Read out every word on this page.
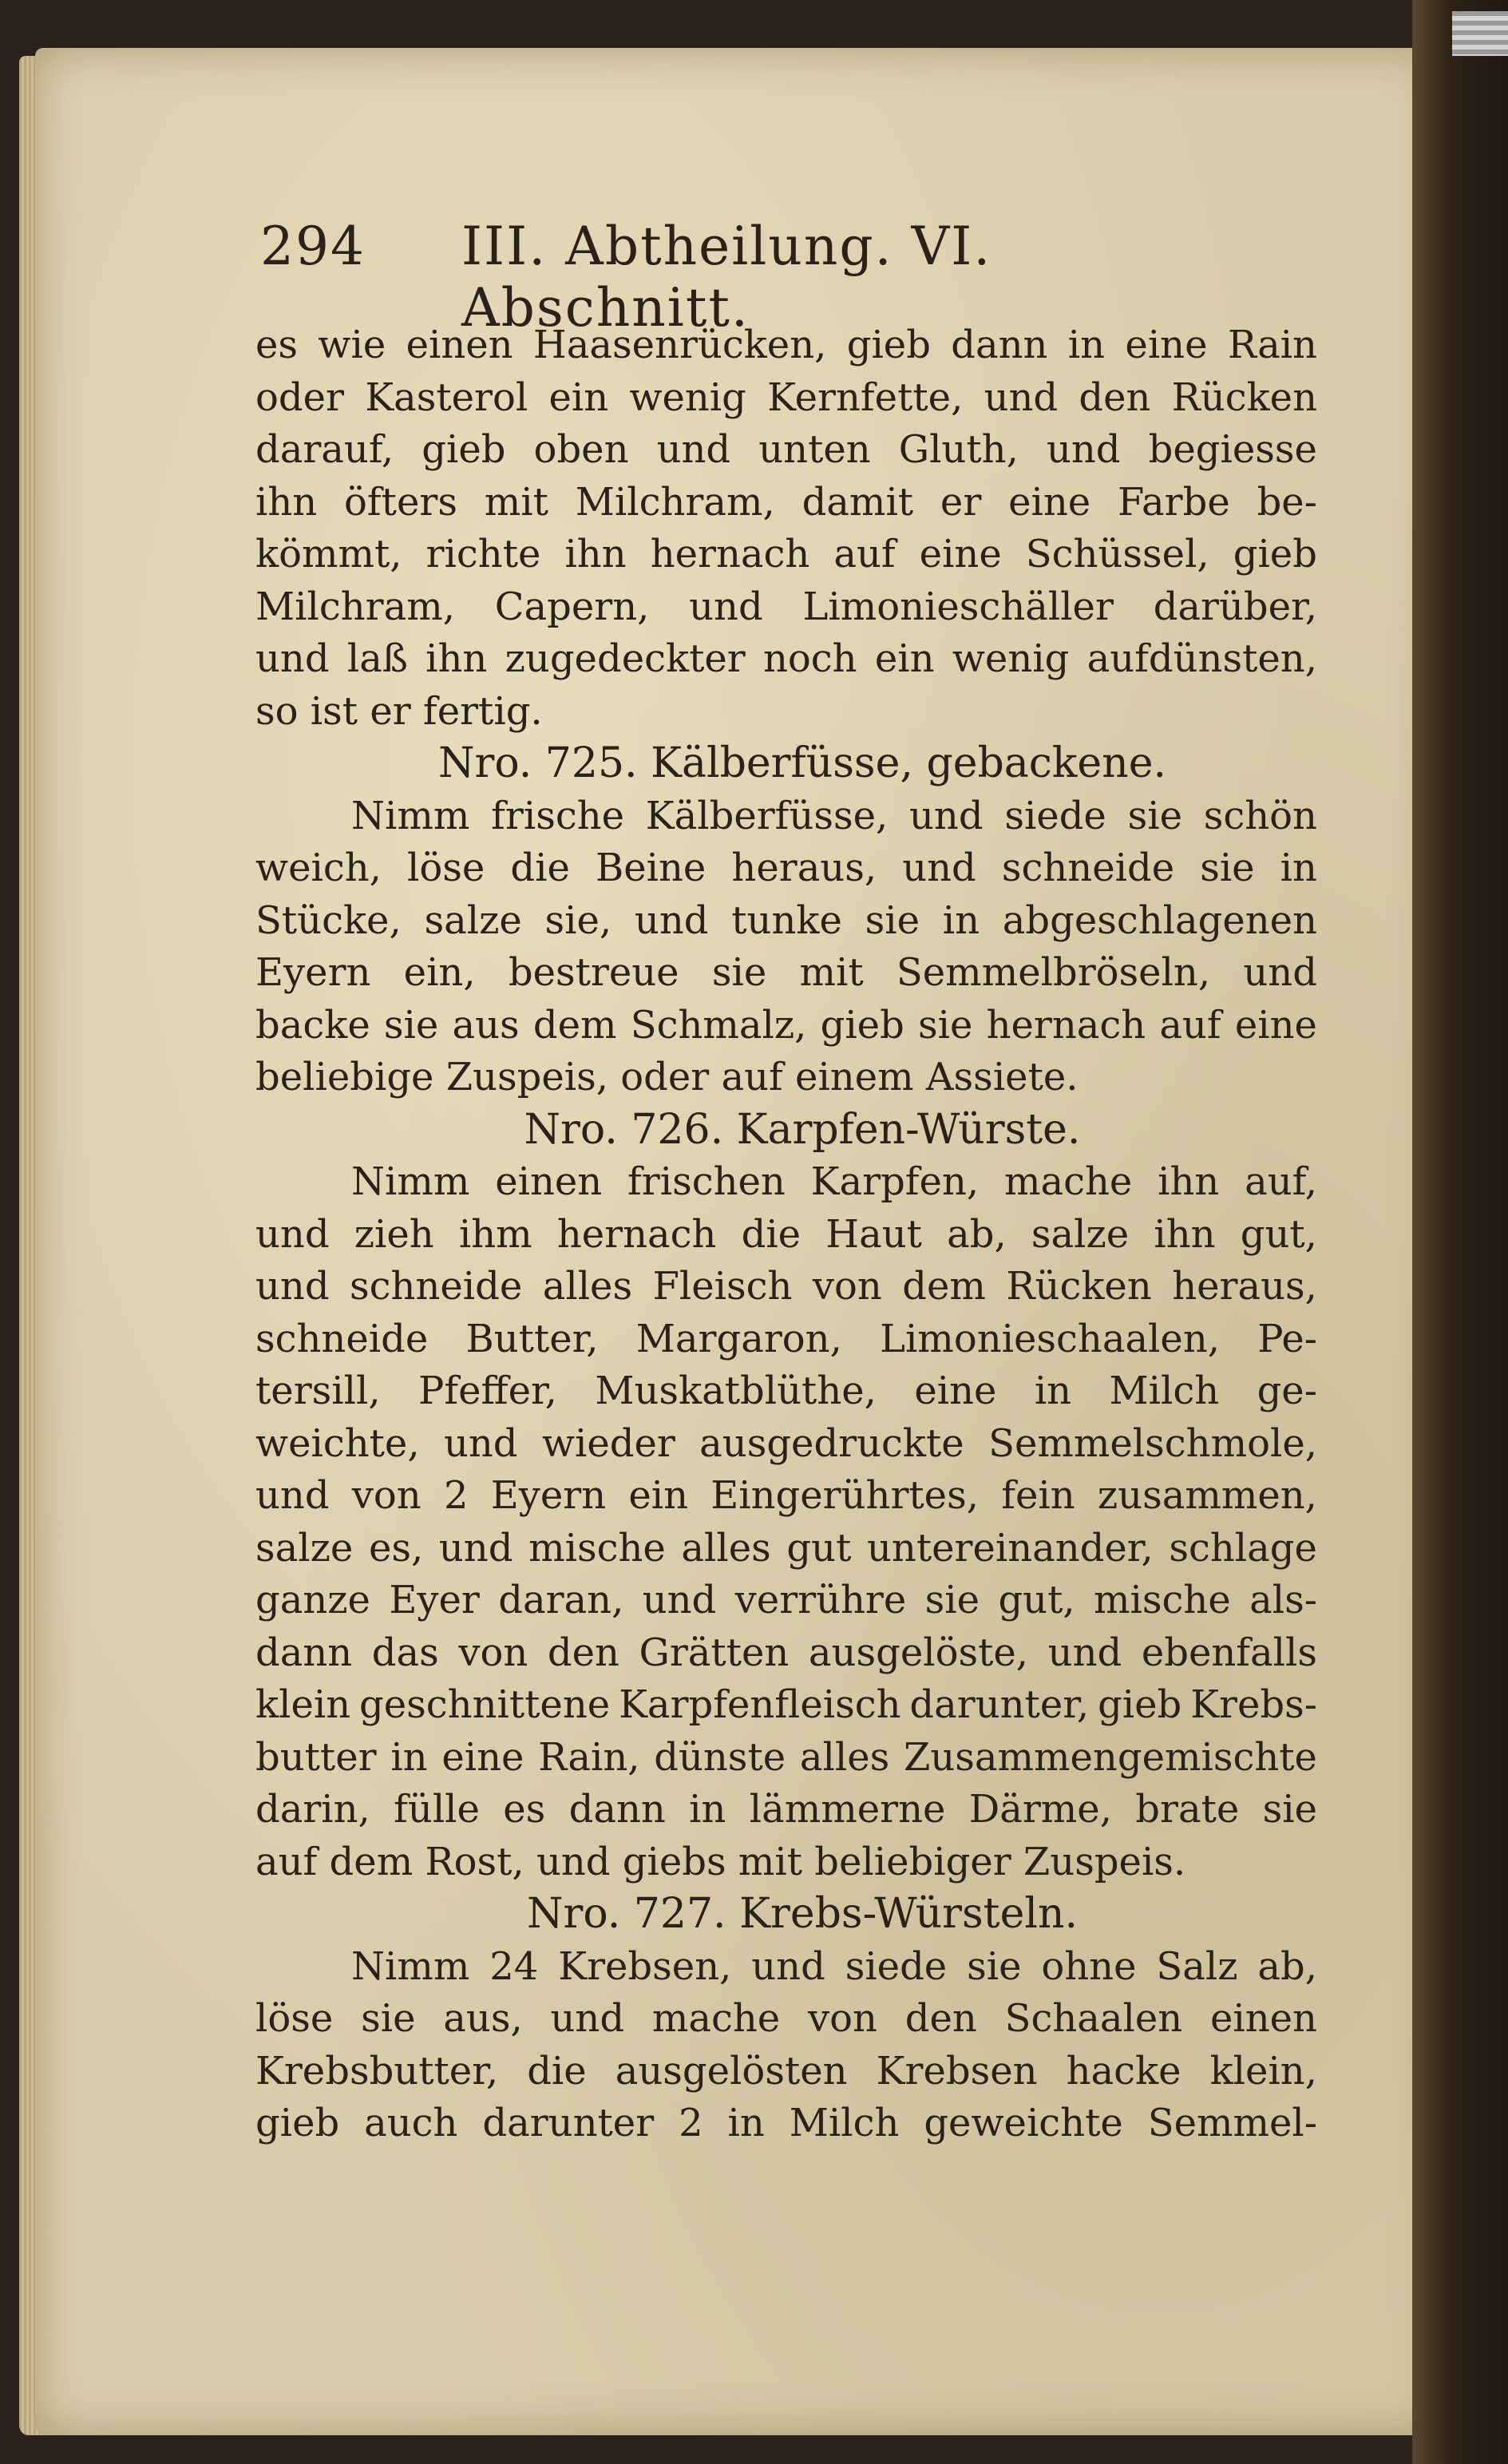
294 III. Abtheilung. VI. Abschnitt.
es wie einen Haasenrücken, gieb dann in eine Rain
oder Kasterol ein wenig Kernfette, und den Rücken
darauf, gieb oben und unten Gluth, und begiesse
ihn öfters mit Milchram, damit er eine Farbe be-
kömmt, richte ihn hernach auf eine Schüssel, gieb
Milchram, Capern, und Limonieschäller darüber,
und laß ihn zugedeckter noch ein wenig aufdünsten,
so ist er fertig.
Nro. 725. Kälberfüsse, gebackene.
Nimm frische Kälberfüsse, und siede sie schön
weich, löse die Beine heraus, und schneide sie in
Stücke, salze sie, und tunke sie in abgeschlagenen
Eyern ein, bestreue sie mit Semmelbröseln, und
backe sie aus dem Schmalz, gieb sie hernach auf eine
beliebige Zuspeis, oder auf einem Assiete.
Nro. 726. Karpfen-Würste.
Nimm einen frischen Karpfen, mache ihn auf,
und zieh ihm hernach die Haut ab, salze ihn gut,
und schneide alles Fleisch von dem Rücken heraus,
schneide Butter, Margaron, Limonieschaalen, Pe-
tersill, Pfeffer, Muskatblüthe, eine in Milch ge-
weichte, und wieder ausgedruckte Semmelschmole,
und von 2 Eyern ein Eingerührtes, fein zusammen,
salze es, und mische alles gut untereinander, schlage
ganze Eyer daran, und verrühre sie gut, mische als-
dann das von den Grätten ausgelöste, und ebenfalls
klein geschnittene Karpfenfleisch darunter, gieb Krebs-
butter in eine Rain, dünste alles Zusammengemischte
darin, fülle es dann in lämmerne Därme, brate sie
auf dem Rost, und giebs mit beliebiger Zuspeis.
Nro. 727. Krebs-Würsteln.
Nimm 24 Krebsen, und siede sie ohne Salz ab,
löse sie aus, und mache von den Schaalen einen
Krebsbutter, die ausgelösten Krebsen hacke klein,
gieb auch darunter 2 in Milch geweichte Semmel-
